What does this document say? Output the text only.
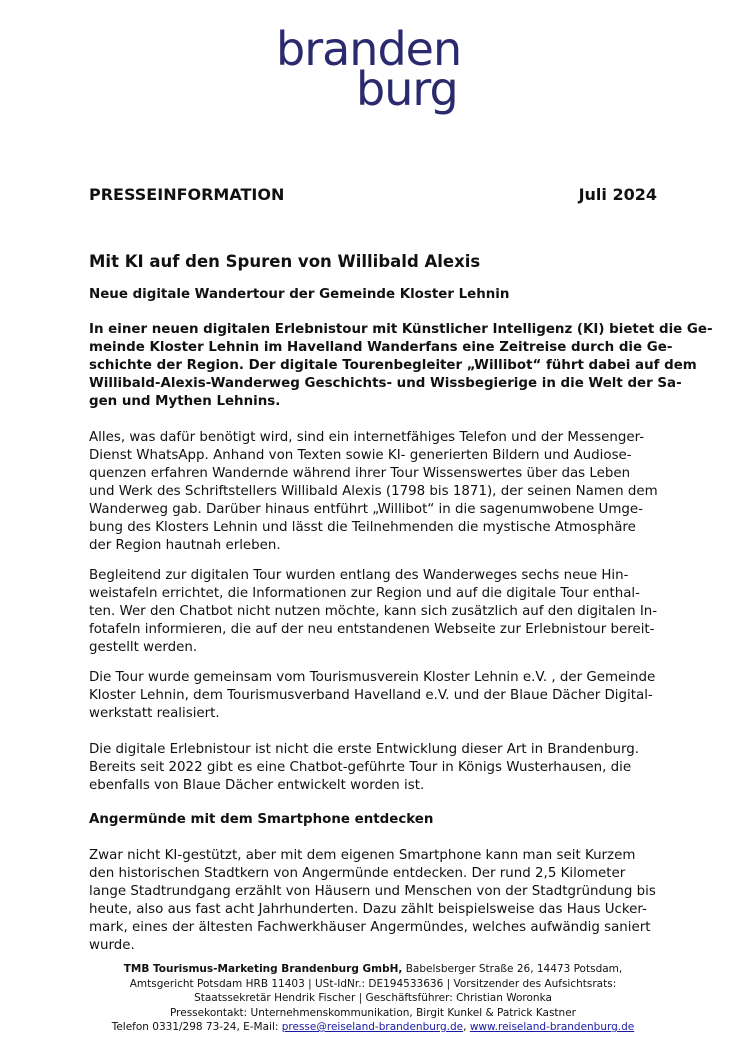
branden
burg
PRESSEINFORMATION	Juli 2024
Mit KI auf den Spuren von Willibald Alexis
Neue digitale Wandertour der Gemeinde Kloster Lehnin
In einer neuen digitalen Erlebnistour mit Künstlicher Intelligenz (KI) bietet die Ge-
meinde Kloster Lehnin im Havelland Wanderfans eine Zeitreise durch die Ge-
schichte der Region. Der digitale Tourenbegleiter „Willibot“ führt dabei auf dem
Willibald-Alexis-Wanderweg Geschichts- und Wissbegierige in die Welt der Sa-
gen und Mythen Lehnins.
Alles, was dafür benötigt wird, sind ein internetfähiges Telefon und der Messenger-
Dienst WhatsApp. Anhand von Texten sowie KI- generierten Bildern und Audiose-
quenzen erfahren Wandernde während ihrer Tour Wissenswertes über das Leben
und Werk des Schriftstellers Willibald Alexis (1798 bis 1871), der seinen Namen dem
Wanderweg gab. Darüber hinaus entführt „Willibot“ in die sagenumwobene Umge-
bung des Klosters Lehnin und lässt die Teilnehmenden die mystische Atmosphäre
der Region hautnah erleben.
Begleitend zur digitalen Tour wurden entlang des Wanderweges sechs neue Hin-
weistafeln errichtet, die Informationen zur Region und auf die digitale Tour enthal-
ten. Wer den Chatbot nicht nutzen möchte, kann sich zusätzlich auf den digitalen In-
fotafeln informieren, die auf der neu entstandenen Webseite zur Erlebnistour bereit-
gestellt werden.
Die Tour wurde gemeinsam vom Tourismusverein Kloster Lehnin e.V. , der Gemeinde
Kloster Lehnin, dem Tourismusverband Havelland e.V. und der Blaue Dächer Digital-
werkstatt realisiert.
Die digitale Erlebnistour ist nicht die erste Entwicklung dieser Art in Brandenburg.
Bereits seit 2022 gibt es eine Chatbot-geführte Tour in Königs Wusterhausen, die
ebenfalls von Blaue Dächer entwickelt worden ist.
Angermünde mit dem Smartphone entdecken
Zwar nicht KI-gestützt, aber mit dem eigenen Smartphone kann man seit Kurzem
den historischen Stadtkern von Angermünde entdecken. Der rund 2,5 Kilometer
lange Stadtrundgang erzählt von Häusern und Menschen von der Stadtgründung bis
heute, also aus fast acht Jahrhunderten. Dazu zählt beispielsweise das Haus Ucker-
mark, eines der ältesten Fachwerkhäuser Angermündes, welches aufwändig saniert
wurde.
TMB Tourismus-Marketing Brandenburg GmbH, Babelsberger Straße 26, 14473 Potsdam,
Amtsgericht Potsdam HRB 11403 | USt-IdNr.: DE194533636 | Vorsitzender des Aufsichtsrats:
Staatssekretär Hendrik Fischer | Geschäftsführer: Christian Woronka
Pressekontakt: Unternehmenskommunikation, Birgit Kunkel & Patrick Kastner
Telefon 0331/298 73-24, E-Mail: presse@reiseland-brandenburg.de, www.reiseland-brandenburg.de
